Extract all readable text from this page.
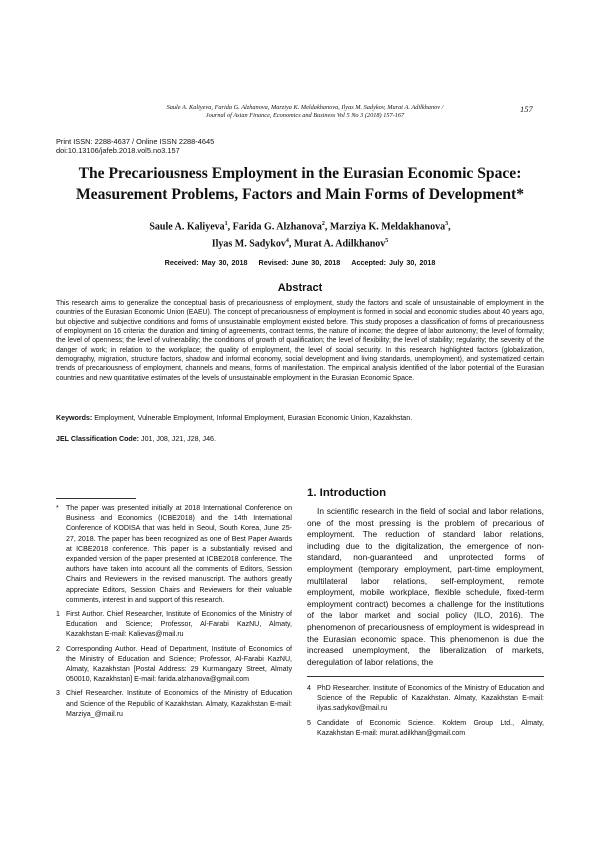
Saule A. Kaliyeva, Farida G. Alzhanova, Marziya K. Meldakhanova, Ilyas M. Sadykov, Murat A. Adilkhanov /
Journal of Asian Finance, Economics and Business Vol 5 No 3 (2018) 157-167
157
Print ISSN: 2288-4637 / Online ISSN 2288-4645
doi:10.13106/jafeb.2018.vol5.no3.157
The Precariousness Employment in the Eurasian Economic Space:
Measurement Problems, Factors and Main Forms of Development*
Saule A. Kaliyeva$^1$, Farida G. Alzhanova$^2$, Marziya K. Meldakhanova$^3$,
Ilyas M. Sadykov$^4$, Murat A. Adilkhanov$^5$
Received: May 30, 2018 Revised: June 30, 2018 Accepted: July 30, 2018
Abstract
This research aims to generalize the conceptual basis of precariousness of employment, study the factors and scale of unsustainable of employment in the countries of the Eurasian Economic Union (EAEU). The concept of precariousness of employment is formed in social and economic studies about 40 years ago, but objective and subjective conditions and forms of unsustainable employment existed before. This study proposes a classification of forms of precariousness of employment on 16 criteria: the duration and timing of agreements, contract terms, the nature of income; the degree of labor autonomy; the level of formality; the level of openness; the level of vulnerability; the conditions of growth of qualification; the level of flexibility; the level of stability; regularity; the severity of the danger of work; in relation to the workplace; the quality of employment, the level of social security. In this research highlighted factors (globalization, demography, migration, structure factors, shadow and informal economy, social development and living standards, unemployment), and systematized certain trends of precariousness of employment, channels and means, forms of manifestation. The empirical analysis identified of the labor potential of the Eurasian countries and new quantitative estimates of the levels of unsustainable employment in the Eurasian Economic Space.
Keywords: Employment, Vulnerable Employment, Informal Employment, Eurasian Economic Union, Kazakhstan.
JEL Classification Code: J01, J08, J21, J28, J46.
*	The paper was presented initially at 2018 International Conference on Business and Economics (ICBE2018) and the 14th International Conference of KODISA that was held in Seoul, South Korea, June 25-27, 2018. The paper has been recognized as one of Best Paper Awards at ICBE2018 conference. This paper is a substantially revised and expanded version of the paper presented at ICBE2018 conference. The authors have taken into account all the comments of Editors, Session Chairs and Reviewers in the revised manuscript. The authors greatly appreciate Editors, Session Chairs and Reviewers for their valuable comments, interest in and support of this research.
1 First Author. Chief Researcher, Institute of Economics of the Ministry of Education and Science; Professor, Al-Farabi KazNU, Almaty, Kazakhstan E-mail: Kalievas@mail.ru
2 Corresponding Author. Head of Department, Institute of Economics of the Ministry of Education and Science; Professor, Al-Farabi KazNU, Almaty, Kazakhstan [Postal Address: 29 Kurmangazy Street, Almaty 050010, Kazakhstan] E-mail: farida.alzhanova@gmail.com
3 Chief Researcher. Institute of Economics of the Ministry of Education and Science of the Republic of Kazakhstan. Almaty, Kazakhstan E-mail: Marziya_@mail.ru
1. Introduction
In scientific research in the field of social and labor relations, one of the most pressing is the problem of precarious of employment. The reduction of standard labor relations, including due to the digitalization, the emergence of non-standard, non-guaranteed and unprotected forms of employment (temporary employment, part-time employment, multilateral labor relations, self-employment, remote employment, mobile workplace, flexible schedule, fixed-term employment contract) becomes a challenge for the institutions of the labor market and social policy (ILO, 2016). The phenomenon of precariousness of employment is widespread in the Eurasian economic space. This phenomenon is due the increased unemployment, the liberalization of markets, deregulation of labor relations, the
4 PhD Researcher. Institute of Economics of the Ministry of Education and Science of the Republic of Kazakhstan. Almaty, Kazakhstan E-mail: ilyas.sadykov@mail.ru
5 Candidate of Economic Science. Koktem Group Ltd., Almaty, Kazakhstan E-mail: murat.adilkhan@gmail.com
